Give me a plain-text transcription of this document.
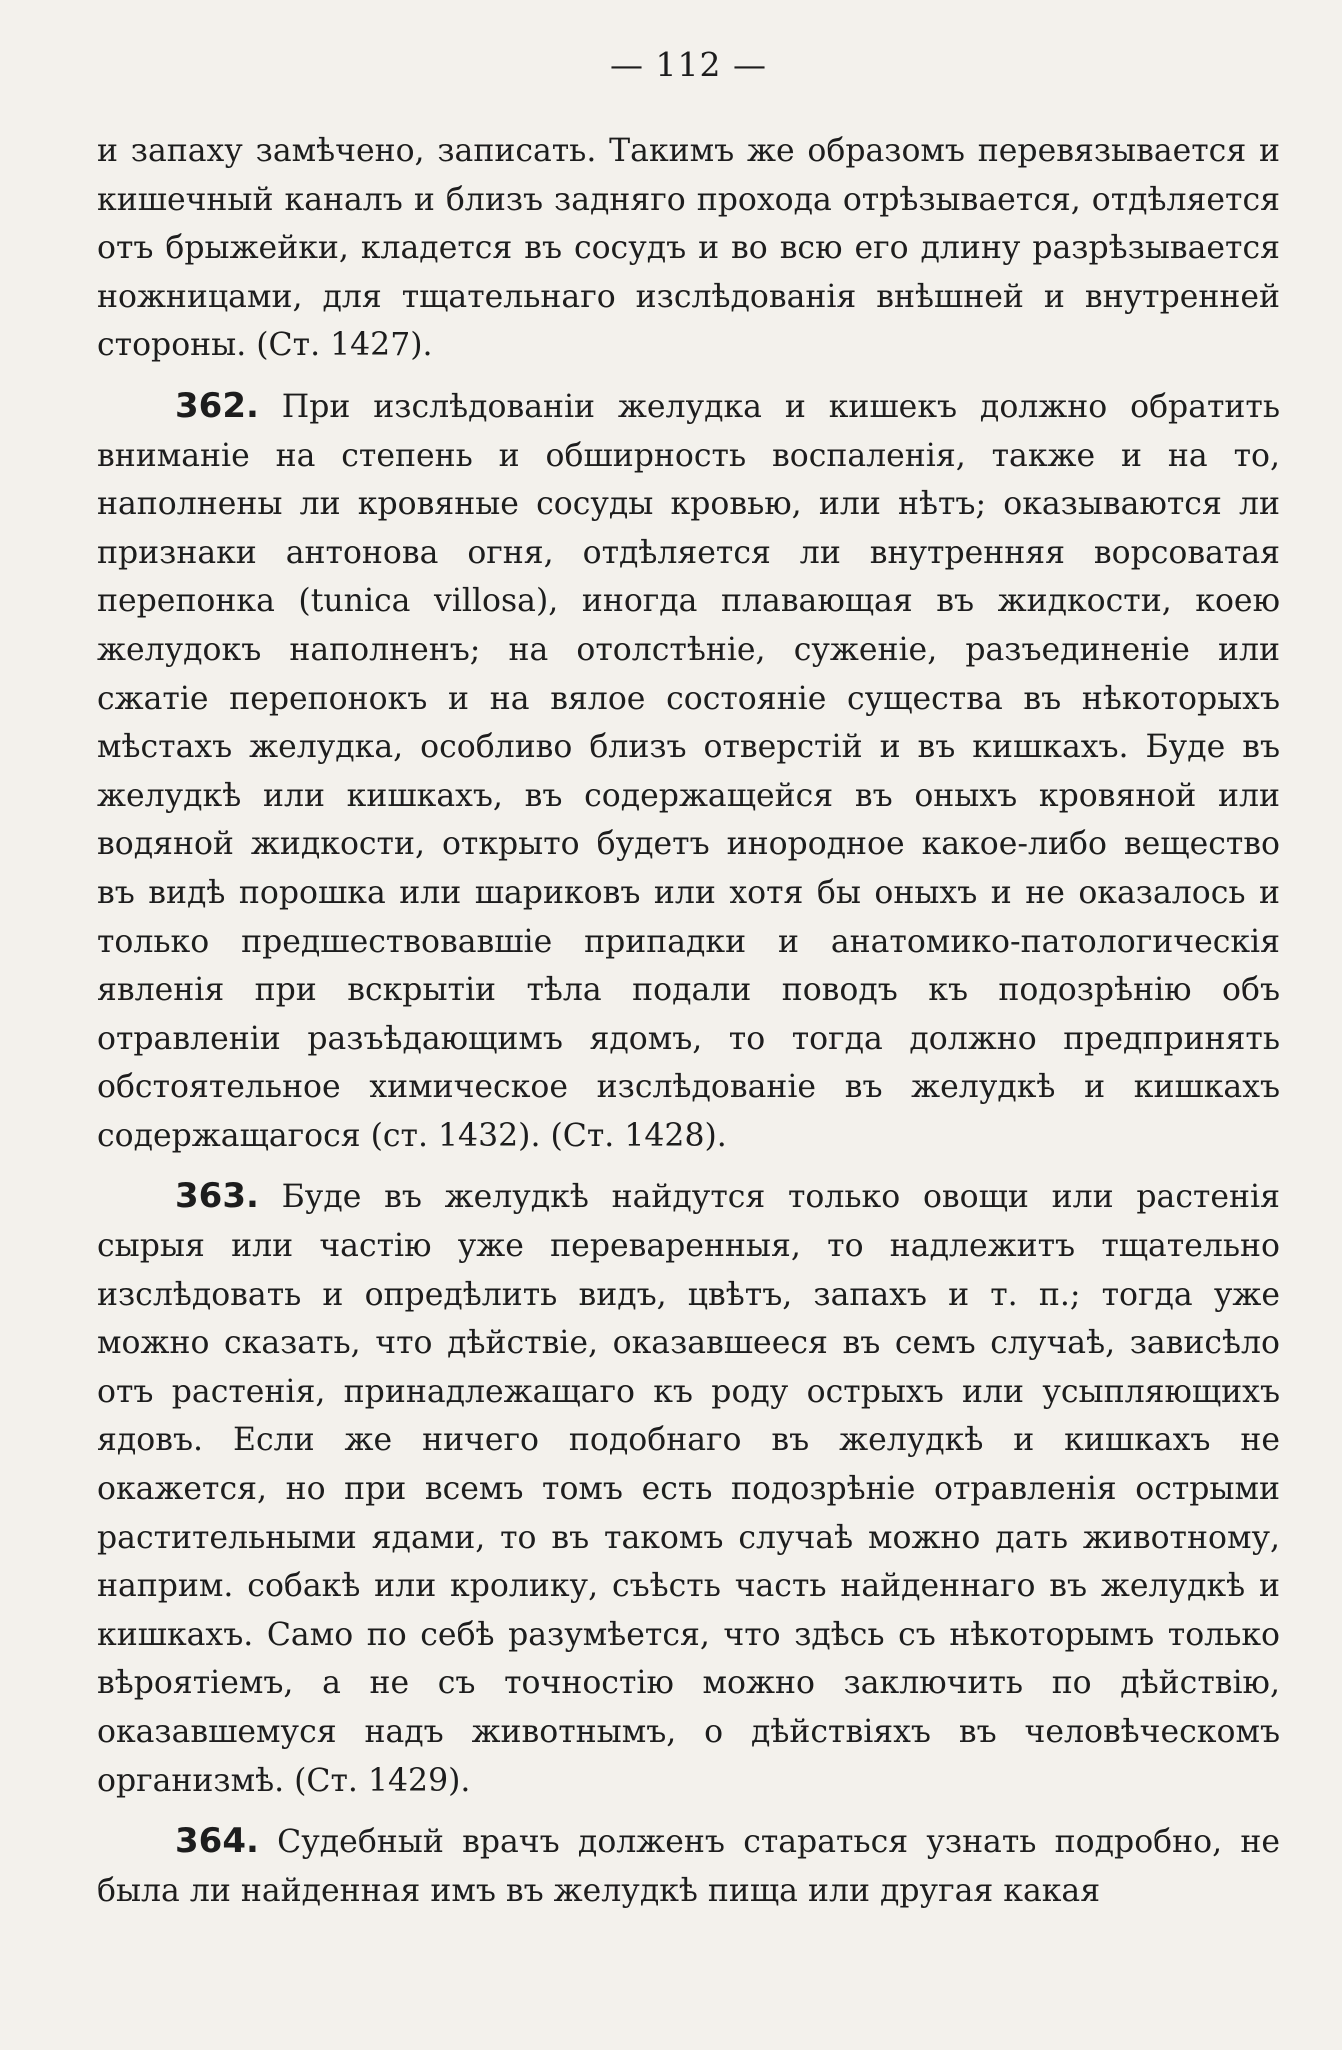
— 112 —

и запаху замѣчено, записать. Такимъ же образомъ перевязывается и кишечный каналъ и близъ задняго прохода отрѣзывается, отдѣляется отъ брыжейки, кладется въ сосудъ и во всю его длину разрѣзывается ножницами, для тщательнаго изслѣдованія внѣшней и внутренней стороны. (Ст. 1427).

362. При изслѣдованіи желудка и кишекъ должно обратить вниманіе на степень и обширность воспаленія, также и на то, наполнены ли кровяные сосуды кровью, или нѣтъ; оказываются ли признаки антонова огня, отдѣляется ли внутренняя ворсоватая перепонка (tunica villosa), иногда плавающая въ жидкости, коею желудокъ наполненъ; на отолстѣніе, суженіе, разъединеніе или сжатіе перепонокъ и на вялое состояніе существа въ нѣкоторыхъ мѣстахъ желудка, особливо близъ отверстій и въ кишкахъ. Буде въ желудкѣ или кишкахъ, въ содержащейся въ оныхъ кровяной или водяной жидкости, открыто будетъ инородное какое-либо вещество въ видѣ порошка или шариковъ или хотя бы оныхъ и не оказалось и только предшествовавшіе припадки и анатомико-патологическія явленія при вскрытіи тѣла подали поводъ къ подозрѣнію объ отравленіи разъѣдающимъ ядомъ, то тогда должно предпринять обстоятельное химическое изслѣдованіе въ желудкѣ и кишкахъ содержащагося (ст. 1432). (Ст. 1428).

363. Буде въ желудкѣ найдутся только овощи или растенія сырыя или частію уже переваренныя, то надлежитъ тщательно изслѣдовать и опредѣлить видъ, цвѣтъ, запахъ и т. п.; тогда уже можно сказать, что дѣйствіе, оказавшееся въ семъ случаѣ, зависѣло отъ растенія, принадлежащаго къ роду острыхъ или усыпляющихъ ядовъ. Если же ничего подобнаго въ желудкѣ и кишкахъ не окажется, но при всемъ томъ есть подозрѣніе отравленія острыми растительными ядами, то въ такомъ случаѣ можно дать животному, наприм. собакѣ или кролику, съѣсть часть найденнаго въ желудкѣ и кишкахъ. Само по себѣ разумѣется, что здѣсь съ нѣкоторымъ только вѣроятіемъ, а не съ точностію можно заключить по дѣйствію, оказавшемуся надъ животнымъ, о дѣйствіяхъ въ человѣческомъ организмѣ. (Ст. 1429).

364. Судебный врачъ долженъ стараться узнать подробно, не была ли найденная имъ въ желудкѣ пища или другая какая
